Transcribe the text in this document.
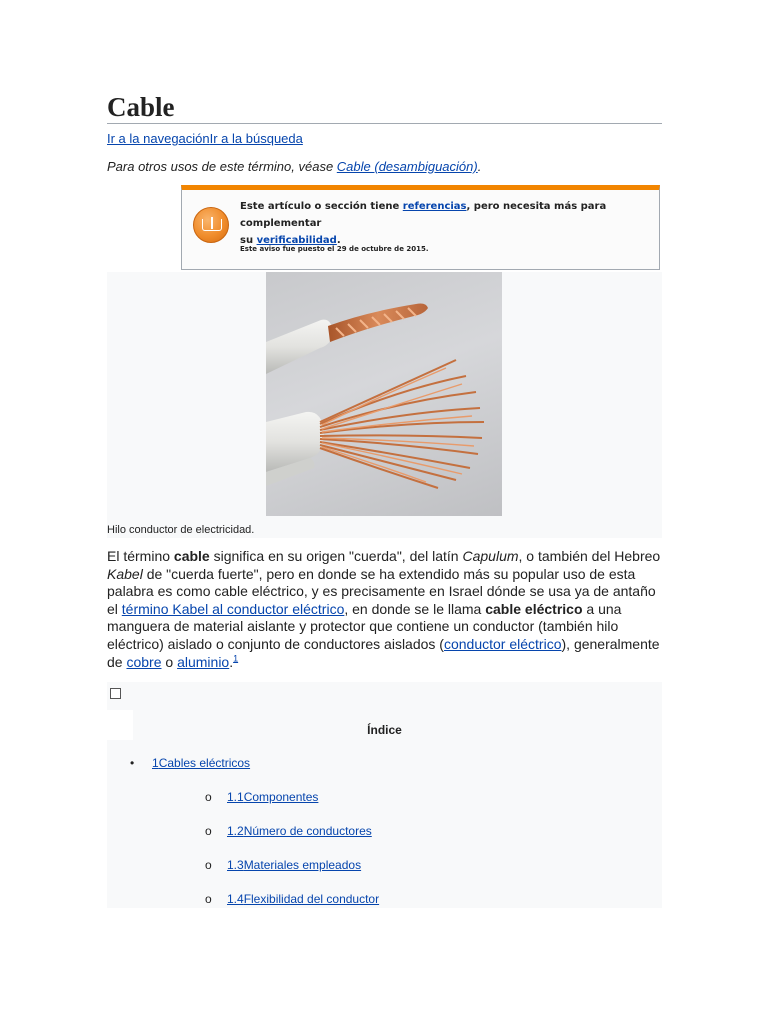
Cable
Ir a la navegaciónIr a la búsqueda
Para otros usos de este término, véase Cable (desambiguación).
Este artículo o sección tiene referencias, pero necesita más para complementar
su verificabilidad.
Este aviso fue puesto el 29 de octubre de 2015.
Hilo conductor de electricidad.
El término cable significa en su origen "cuerda", del latín Capulum, o también del Hebreo Kabel de "cuerda fuerte", pero en donde se ha extendido más su popular uso de esta palabra es como cable eléctrico, y es precisamente en Israel dónde se usa ya de antaño el término Kabel al conductor eléctrico, en donde se le llama cable eléctrico a una manguera de material aislante y protector que contiene un conductor (también hilo eléctrico) aislado o conjunto de conductores aislados (conductor eléctrico), generalmente de cobre o aluminio.$^1$
Índice
• 1Cables eléctricos
o 1.1Componentes
o 1.2Número de conductores
o 1.3Materiales empleados
o 1.4Flexibilidad del conductor
